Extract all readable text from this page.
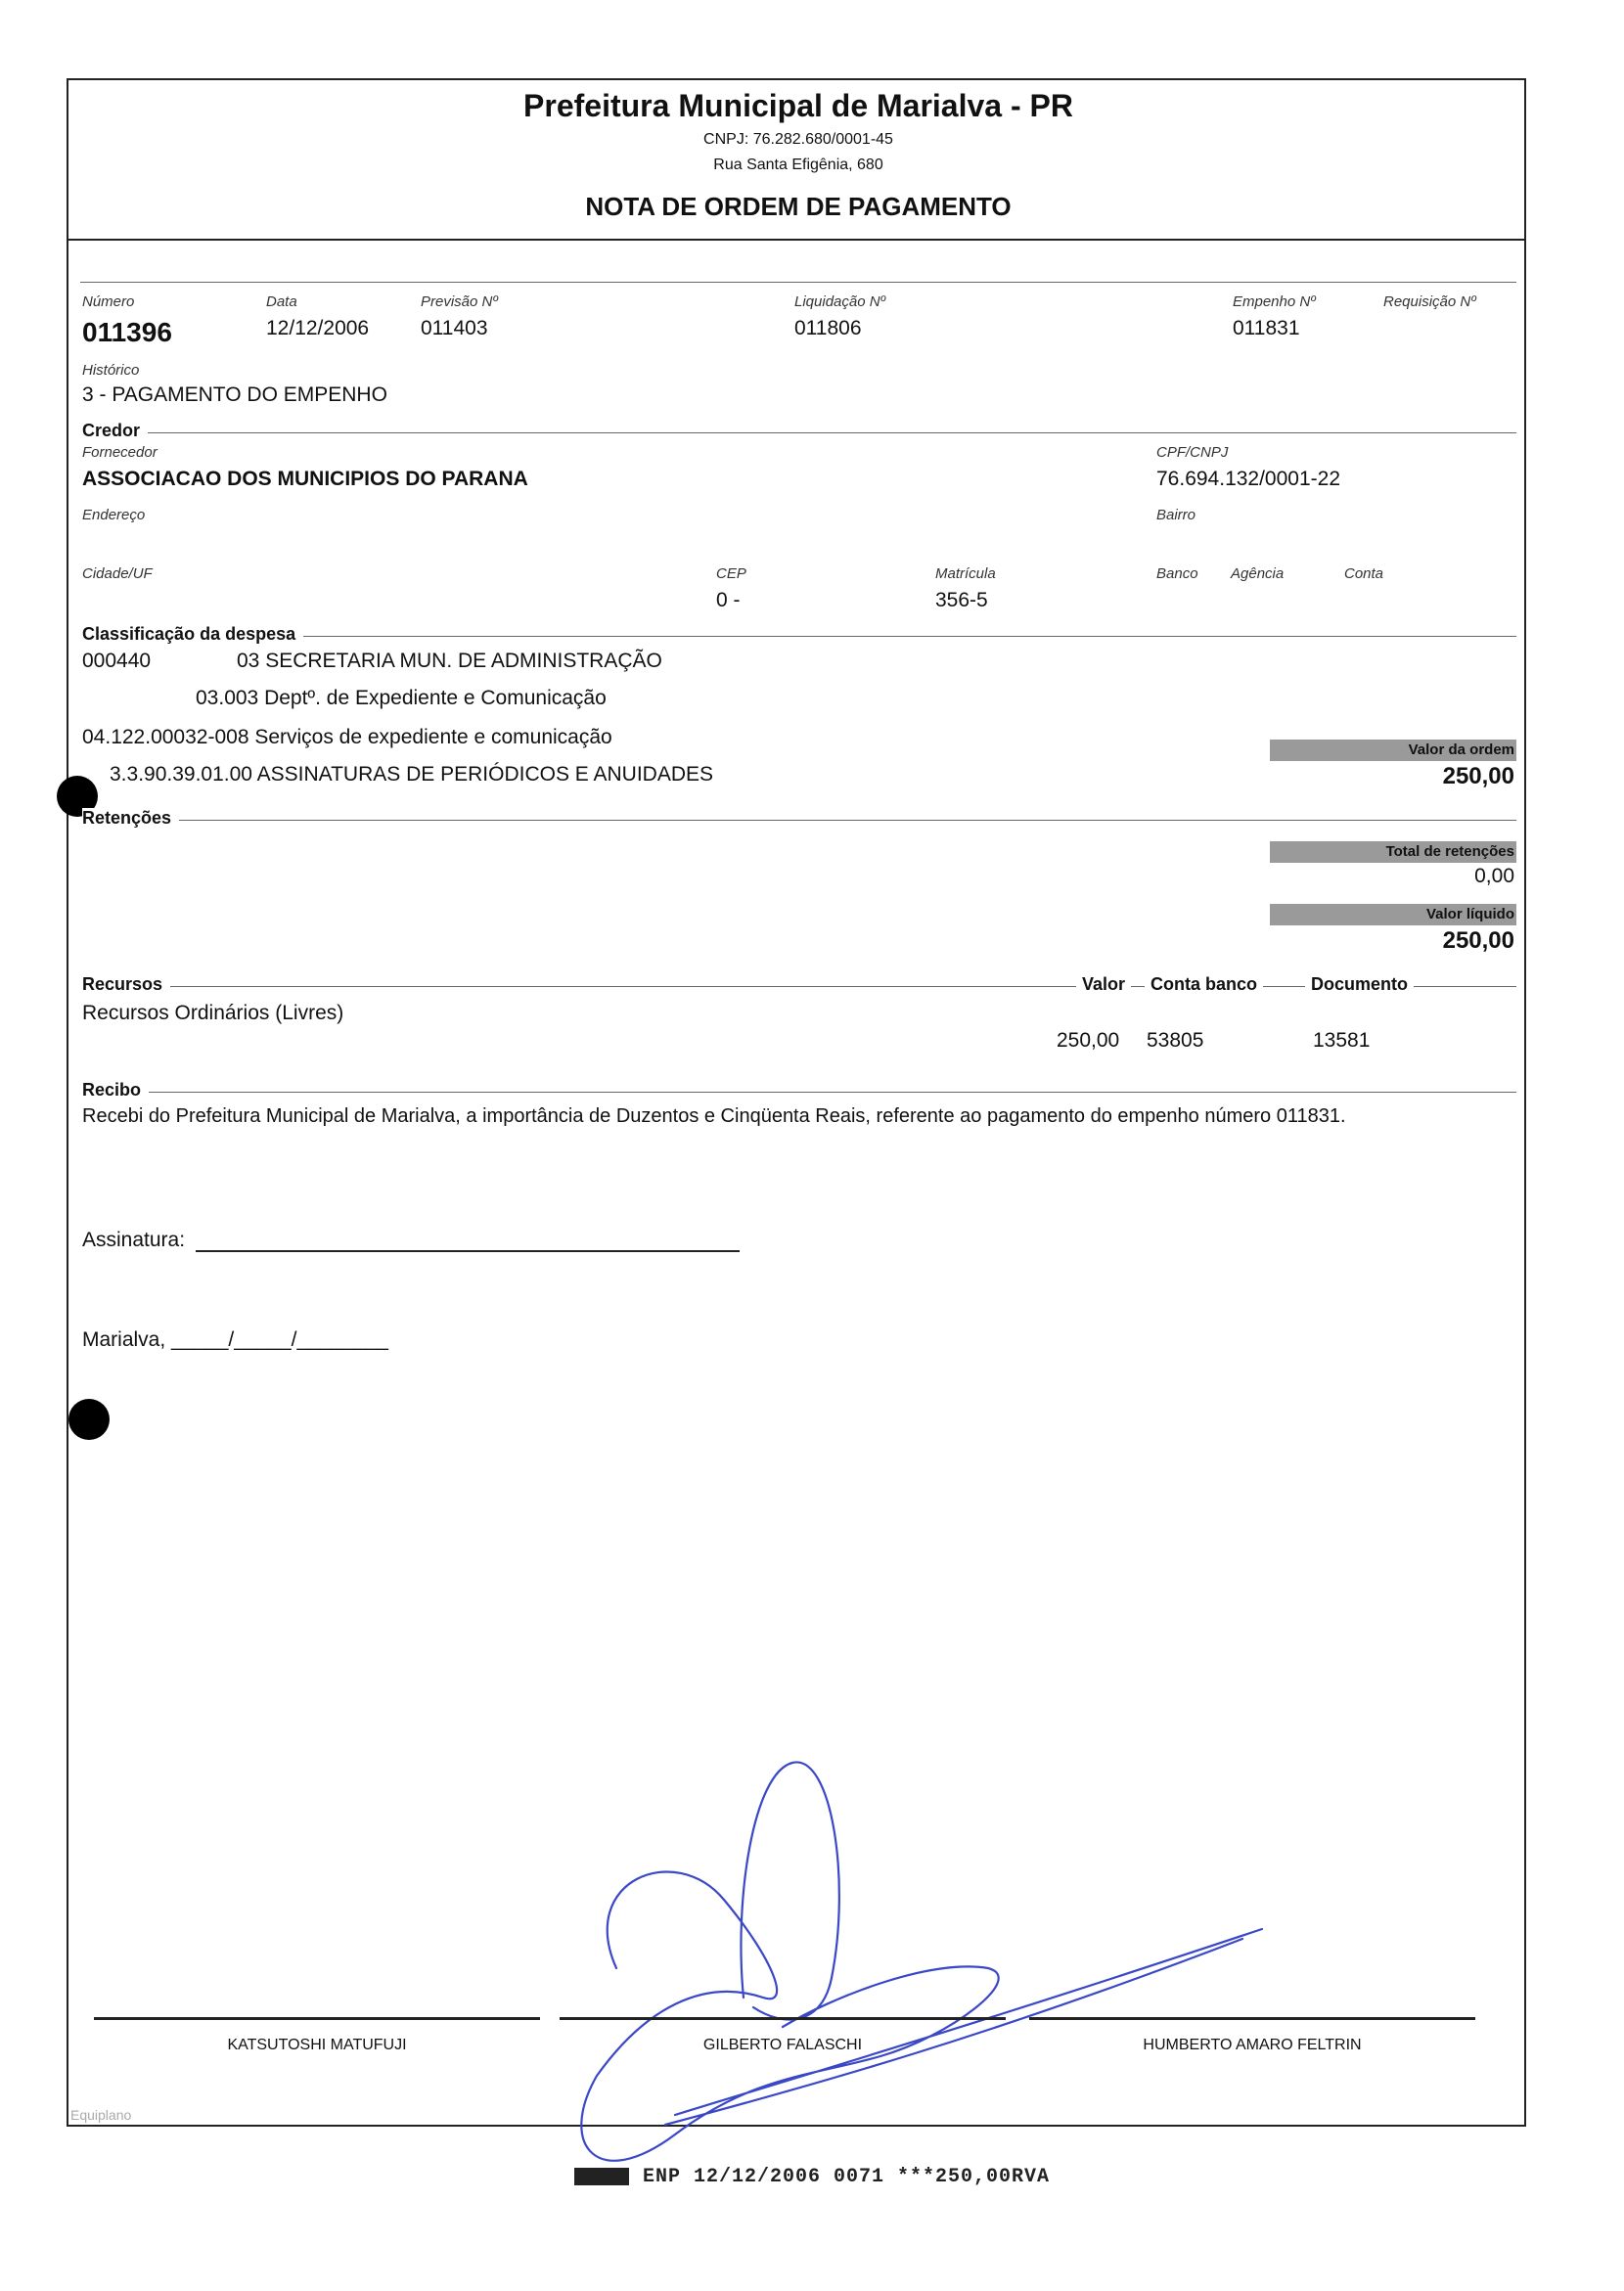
Prefeitura Municipal de Marialva - PR
CNPJ: 76.282.680/0001-45
Rua Santa Efigênia, 680
NOTA DE ORDEM DE PAGAMENTO
Número
011396
Data
12/12/2006
Previsão Nº
011403
Liquidação Nº
011806
Empenho Nº
011831
Requisição Nº
Histórico
3 - PAGAMENTO DO EMPENHO
Credor
Fornecedor
ASSOCIACAO DOS MUNICIPIOS DO PARANA
CPF/CNPJ
76.694.132/0001-22
Endereço	Bairro
Cidade/UF	CEP
0 -
Matrícula
356-5
Banco Agência	Conta
Classificação da despesa
000440	03 SECRETARIA MUN. DE ADMINISTRAÇÃO
03.003 Deptº. de Expediente e Comunicação
04.122.00032-008 Serviços de expediente e comunicação
3.3.90.39.01.00 ASSINATURAS DE PERIÓDICOS E ANUIDADES
Valor da ordem
250,00
Retenções
Total de retenções
0,00
Valor líquido
250,00
Recursos	Valor	Conta banco	Documento
Recursos Ordinários (Livres)
250,00 53805	13581
Recibo
Recebi do Prefeitura Municipal de Marialva, a importância de Duzentos e Cinqüenta Reais, referente ao pagamento do empenho número 011831.
Assinatura:
Marialva, _____/_____/________
KATSUTOSHI MATUFUJI	GILBERTO FALASCHI	HUMBERTO AMARO FELTRIN
Equiplano
ENP 12/12/2006 0071 ***250,00RVA
